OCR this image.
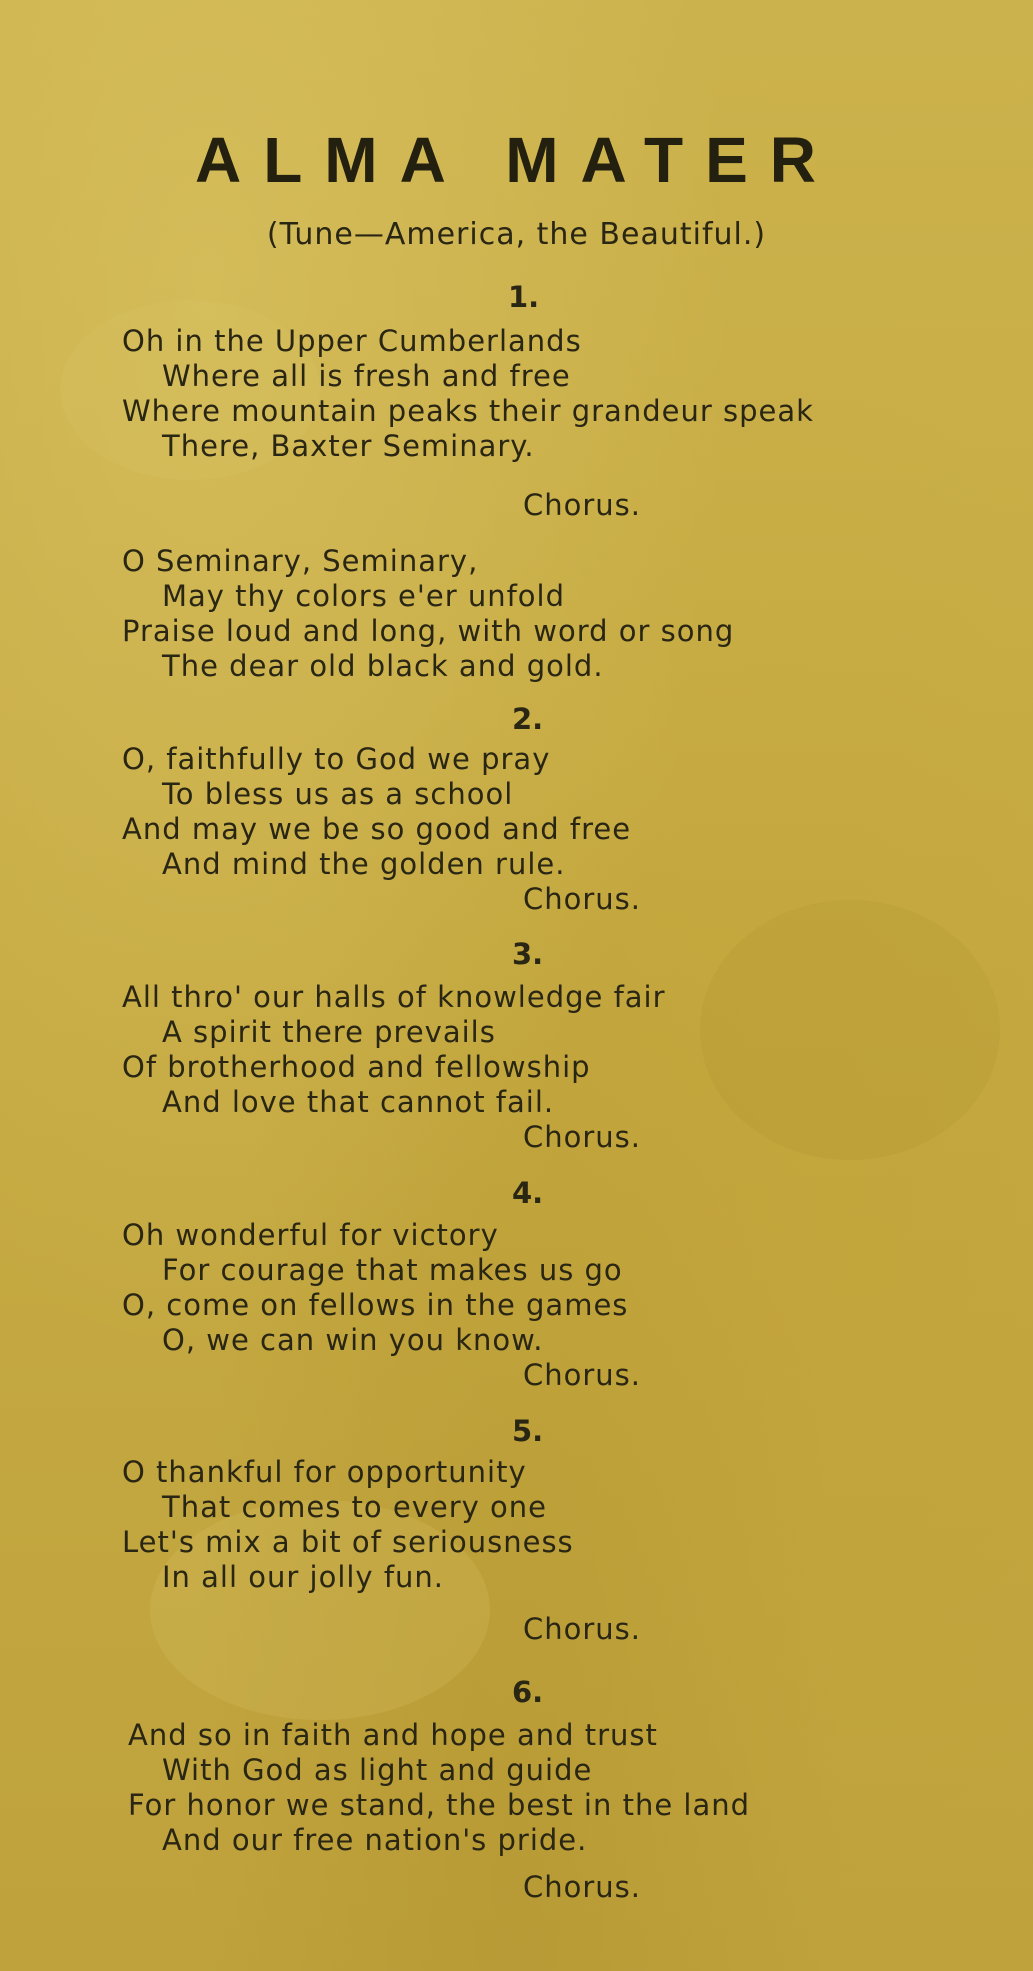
ALMA MATER
(Tune—America, the Beautiful.)
1.
Oh in the Upper Cumberlands
Where all is fresh and free
Where mountain peaks their grandeur speak
There, Baxter Seminary.
Chorus.
O Seminary, Seminary,
May thy colors e'er unfold
Praise loud and long, with word or song
The dear old black and gold.
2.
O, faithfully to God we pray
To bless us as a school
And may we be so good and free
And mind the golden rule.
Chorus.
3.
All thro' our halls of knowledge fair
A spirit there prevails
Of brotherhood and fellowship
And love that cannot fail.
Chorus.
4.
Oh wonderful for victory
For courage that makes us go
O, come on fellows in the games
O, we can win you know.
Chorus.
5.
O thankful for opportunity
That comes to every one
Let's mix a bit of seriousness
In all our jolly fun.
Chorus.
6.
And so in faith and hope and trust
With God as light and guide
For honor we stand, the best in the land
And our free nation's pride.
Chorus.
